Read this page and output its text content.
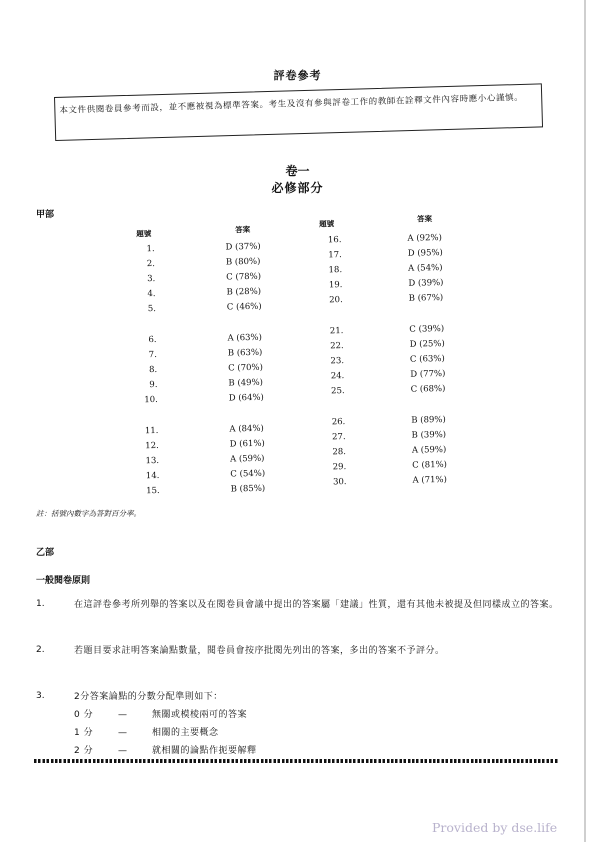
評卷參考
本文件供閱卷員參考而設，並不應被視為標準答案。考生及沒有參與評卷工作的教師在詮釋文件內容時應小心謹慎。
卷一
必修部分
甲部
題號	答案
題號
答案
1.	D (37%)
2.	B (80%)
3.	C (78%)
4.	B (28%)
5.	C (46%)
6.	A (63%)
7.	B (63%)
8.	C (70%)
9.	B (49%)
10.	D (64%)
11.	A (84%)
12.	D (61%)
13.	A (59%)
14.	C (54%)
15.	B (85%)
16.	A (92%)
17.	D (95%)
18.	A (54%)
19.	D (39%)
20.	B (67%)
21.	C (39%)
22.	D (25%)
23.	C (63%)
24.	D (77%)
25.	C (68%)
26.	B (89%)
27.	B (39%)
28.	A (59%)
29.	C (81%)
30.	A (71%)
註：括號內數字為答對百分率。
乙部
一般閱卷原則
1.	在這評卷參考所列舉的答案以及在閱卷員會議中提出的答案屬「建議」性質，還有其他未被提及但同樣成立的答案。
2.	若題目要求註明答案論點數量，閱卷員會按序批閱先列出的答案，多出的答案不予評分。
3.	2分答案論點的分數分配準則如下：
0 分	—	無關或模棱兩可的答案
1 分	—	相關的主要概念
2 分	—	就相關的論點作扼要解釋
Provided by dse.life
